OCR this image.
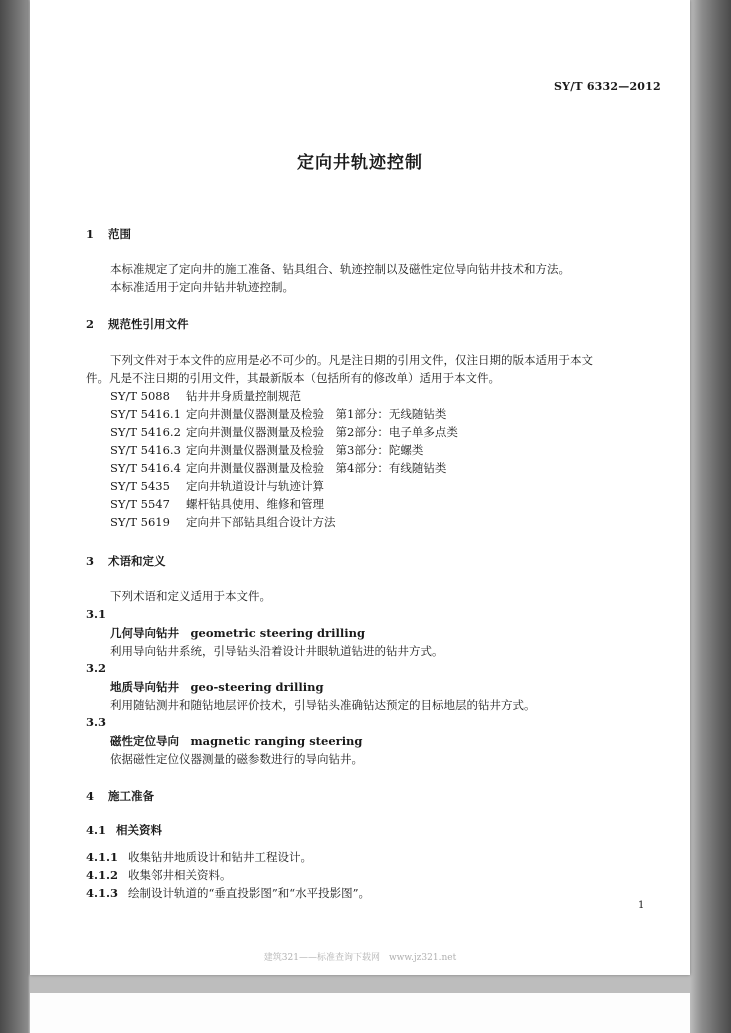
SY/T 6332—2012
定向井轨迹控制
1 范围
本标准规定了定向井的施工准备、钻具组合、轨迹控制以及磁性定位导向钻井技术和方法。
本标准适用于定向井钻井轨迹控制。
2 规范性引用文件
下列文件对于本文件的应用是必不可少的。凡是注日期的引用文件，仅注日期的版本适用于本文
件。凡是不注日期的引用文件，其最新版本（包括所有的修改单）适用于本文件。
SY/T 5088 钻井井身质量控制规范
SY/T 5416.1 定向井测量仪器测量及检验　第1部分：无线随钻类
SY/T 5416.2 定向井测量仪器测量及检验　第2部分：电子单多点类
SY/T 5416.3 定向井测量仪器测量及检验　第3部分：陀螺类
SY/T 5416.4 定向井测量仪器测量及检验　第4部分：有线随钻类
SY/T 5435 定向井轨道设计与轨迹计算
SY/T 5547 螺杆钻具使用、维修和管理
SY/T 5619 定向井下部钻具组合设计方法
3 术语和定义
下列术语和定义适用于本文件。
3.1
几何导向钻井　geometric steering drilling
利用导向钻井系统，引导钻头沿着设计井眼轨道钻进的钻井方式。
3.2
地质导向钻井　geo-steering drilling
利用随钻测井和随钻地层评价技术，引导钻头准确钻达预定的目标地层的钻井方式。
3.3
磁性定位导向　magnetic ranging steering
依据磁性定位仪器测量的磁参数进行的导向钻井。
4 施工准备
4.1 相关资料
4.1.1 收集钻井地质设计和钻井工程设计。
4.1.2 收集邻井相关资料。
4.1.3 绘制设计轨道的“垂直投影图”和“水平投影图”。
1
建筑321——标准查询下载网　www.jz321.net
